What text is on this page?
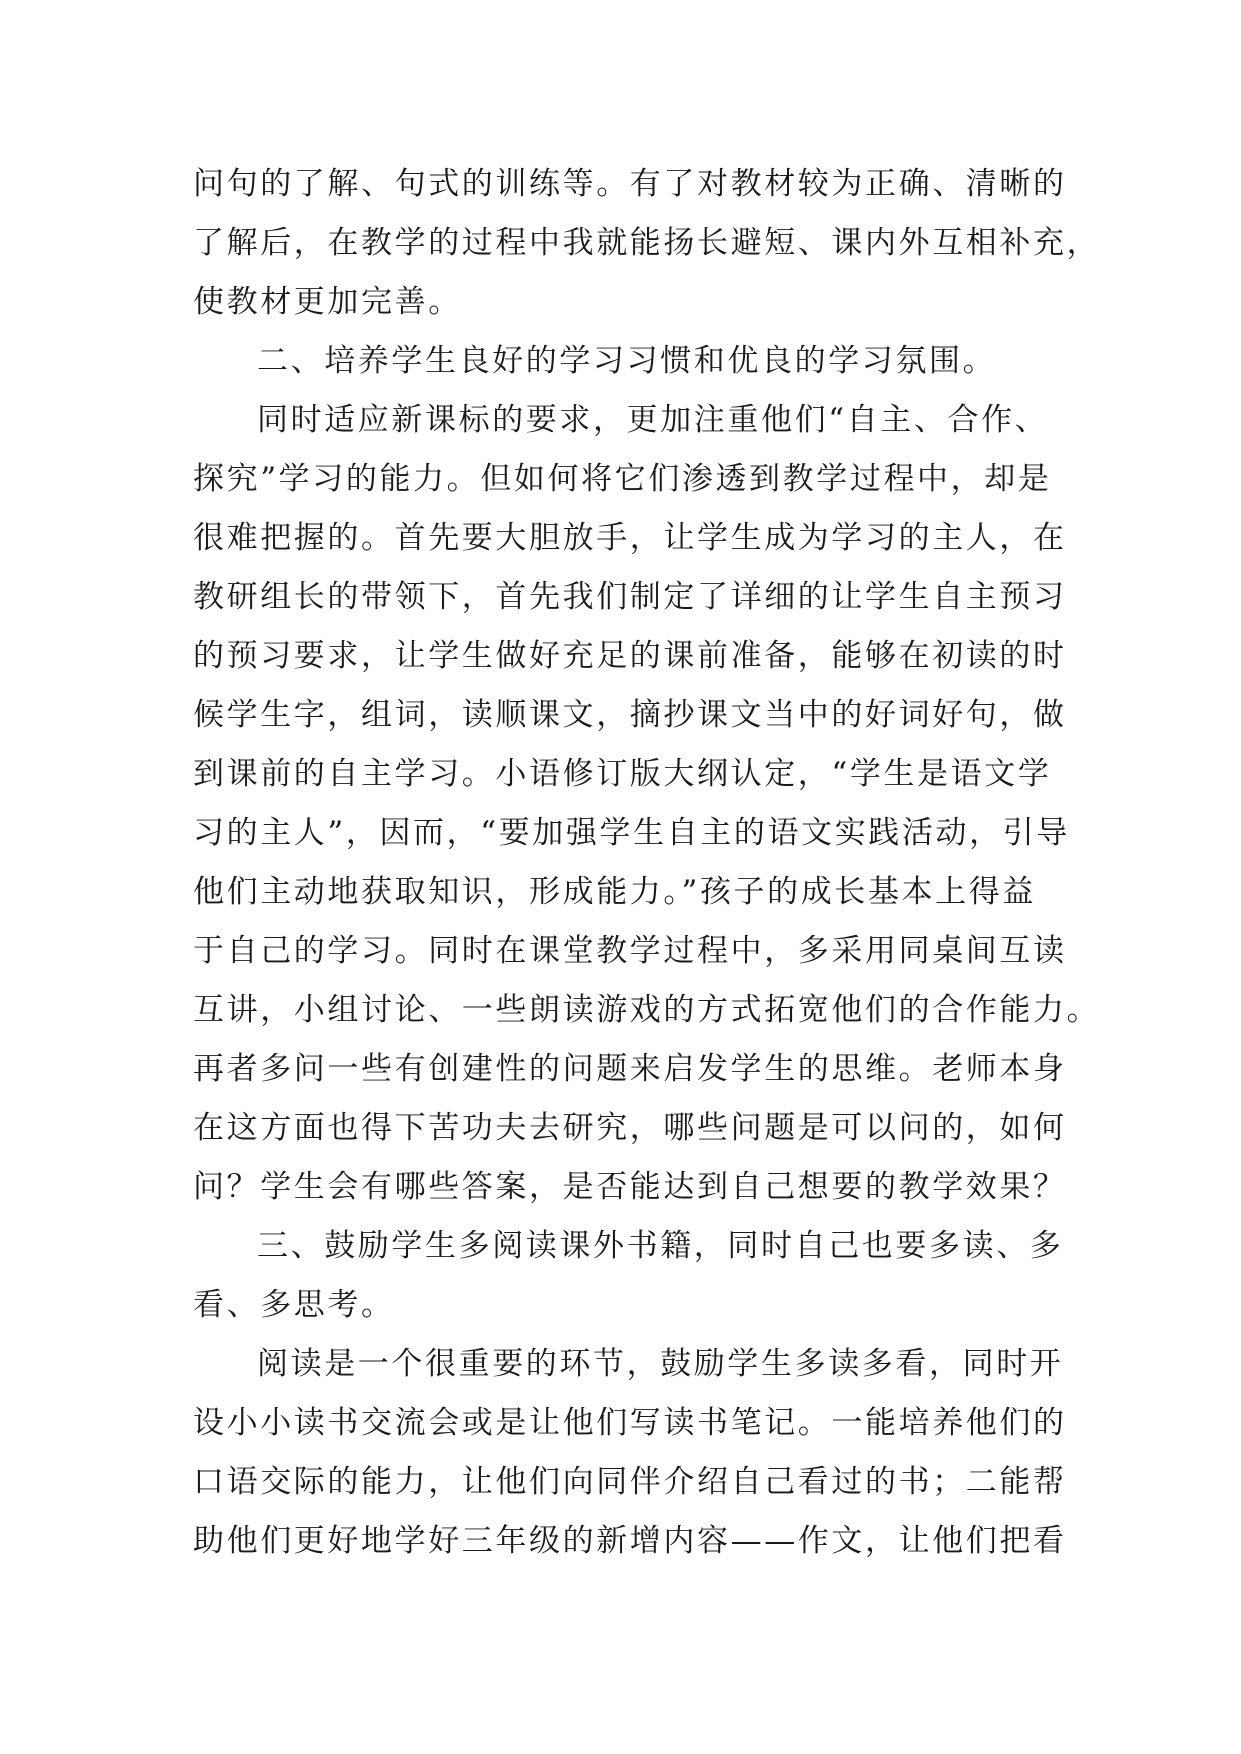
问句的了解、句式的训练等。有了对教材较为正确、清晰的
了解后，在教学的过程中我就能扬长避短、课内外互相补充，
使教材更加完善。
二、培养学生良好的学习习惯和优良的学习氛围。
同时适应新课标的要求，更加注重他们“自主、合作、
探究”学习的能力。但如何将它们渗透到教学过程中，却是
很难把握的。首先要大胆放手，让学生成为学习的主人，在
教研组长的带领下，首先我们制定了详细的让学生自主预习
的预习要求，让学生做好充足的课前准备，能够在初读的时
候学生字，组词，读顺课文，摘抄课文当中的好词好句，做
到课前的自主学习。小语修订版大纲认定，“学生是语文学
习的主人”，因而，“要加强学生自主的语文实践活动，引导
他们主动地获取知识，形成能力。”孩子的成长基本上得益
于自己的学习。同时在课堂教学过程中，多采用同桌间互读
互讲，小组讨论、一些朗读游戏的方式拓宽他们的合作能力。
再者多问一些有创建性的问题来启发学生的思维。老师本身
在这方面也得下苦功夫去研究，哪些问题是可以问的，如何
问？学生会有哪些答案，是否能达到自己想要的教学效果？
三、鼓励学生多阅读课外书籍，同时自己也要多读、多
看、多思考。
阅读是一个很重要的环节，鼓励学生多读多看，同时开
设小小读书交流会或是让他们写读书笔记。一能培养他们的
口语交际的能力，让他们向同伴介绍自己看过的书；二能帮
助他们更好地学好三年级的新增内容——作文，让他们把看
